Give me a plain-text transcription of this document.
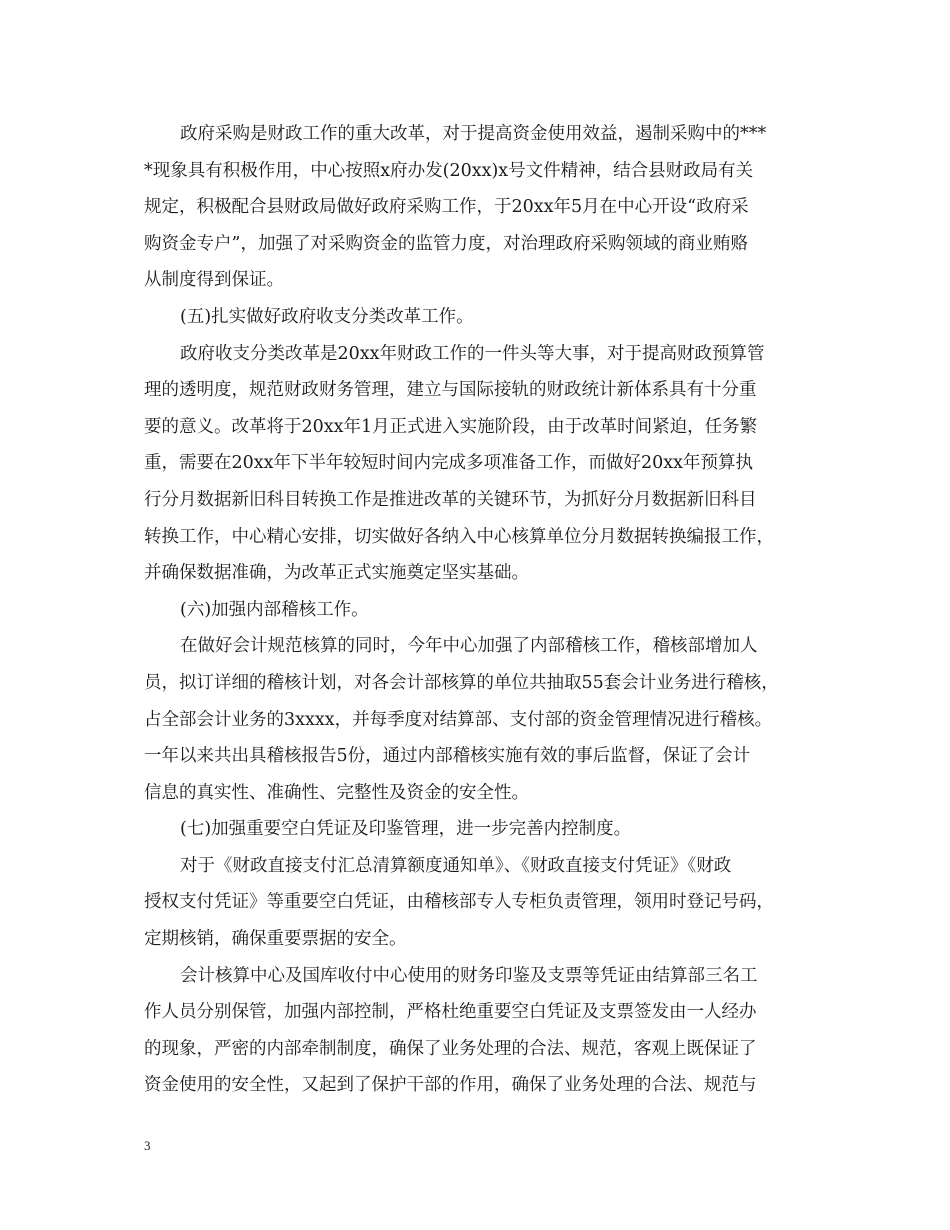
政府采购是财政工作的重大改革，对于提高资金使用效益，遏制采购中的***
*现象具有积极作用，中心按照x府办发(20xx)x号文件精神，结合县财政局有关
规定，积极配合县财政局做好政府采购工作，于20xx年5月在中心开设“政府采
购资金专户”，加强了对采购资金的监管力度，对治理政府采购领域的商业贿赂
从制度得到保证。
(五)扎实做好政府收支分类改革工作。
政府收支分类改革是20xx年财政工作的一件头等大事，对于提高财政预算管
理的透明度，规范财政财务管理，建立与国际接轨的财政统计新体系具有十分重
要的意义。改革将于20xx年1月正式进入实施阶段，由于改革时间紧迫，任务繁
重，需要在20xx年下半年较短时间内完成多项准备工作，而做好20xx年预算执
行分月数据新旧科目转换工作是推进改革的关键环节，为抓好分月数据新旧科目
转换工作，中心精心安排，切实做好各纳入中心核算单位分月数据转换编报工作，
并确保数据准确，为改革正式实施奠定坚实基础。
(六)加强内部稽核工作。
在做好会计规范核算的同时，今年中心加强了内部稽核工作，稽核部增加人
员，拟订详细的稽核计划，对各会计部核算的单位共抽取55套会计业务进行稽核，
占全部会计业务的3xxxx，并每季度对结算部、支付部的资金管理情况进行稽核。
一年以来共出具稽核报告5份，通过内部稽核实施有效的事后监督，保证了会计
信息的真实性、准确性、完整性及资金的安全性。
(七)加强重要空白凭证及印鉴管理，进一步完善内控制度。
对于《财政直接支付汇总清算额度通知单》、《财政直接支付凭证》《财政
授权支付凭证》等重要空白凭证，由稽核部专人专柜负责管理，领用时登记号码，
定期核销，确保重要票据的安全。
会计核算中心及国库收付中心使用的财务印鉴及支票等凭证由结算部三名工
作人员分别保管，加强内部控制，严格杜绝重要空白凭证及支票签发由一人经办
的现象，严密的内部牵制制度，确保了业务处理的合法、规范，客观上既保证了
资金使用的安全性，又起到了保护干部的作用，确保了业务处理的合法、规范与
3
